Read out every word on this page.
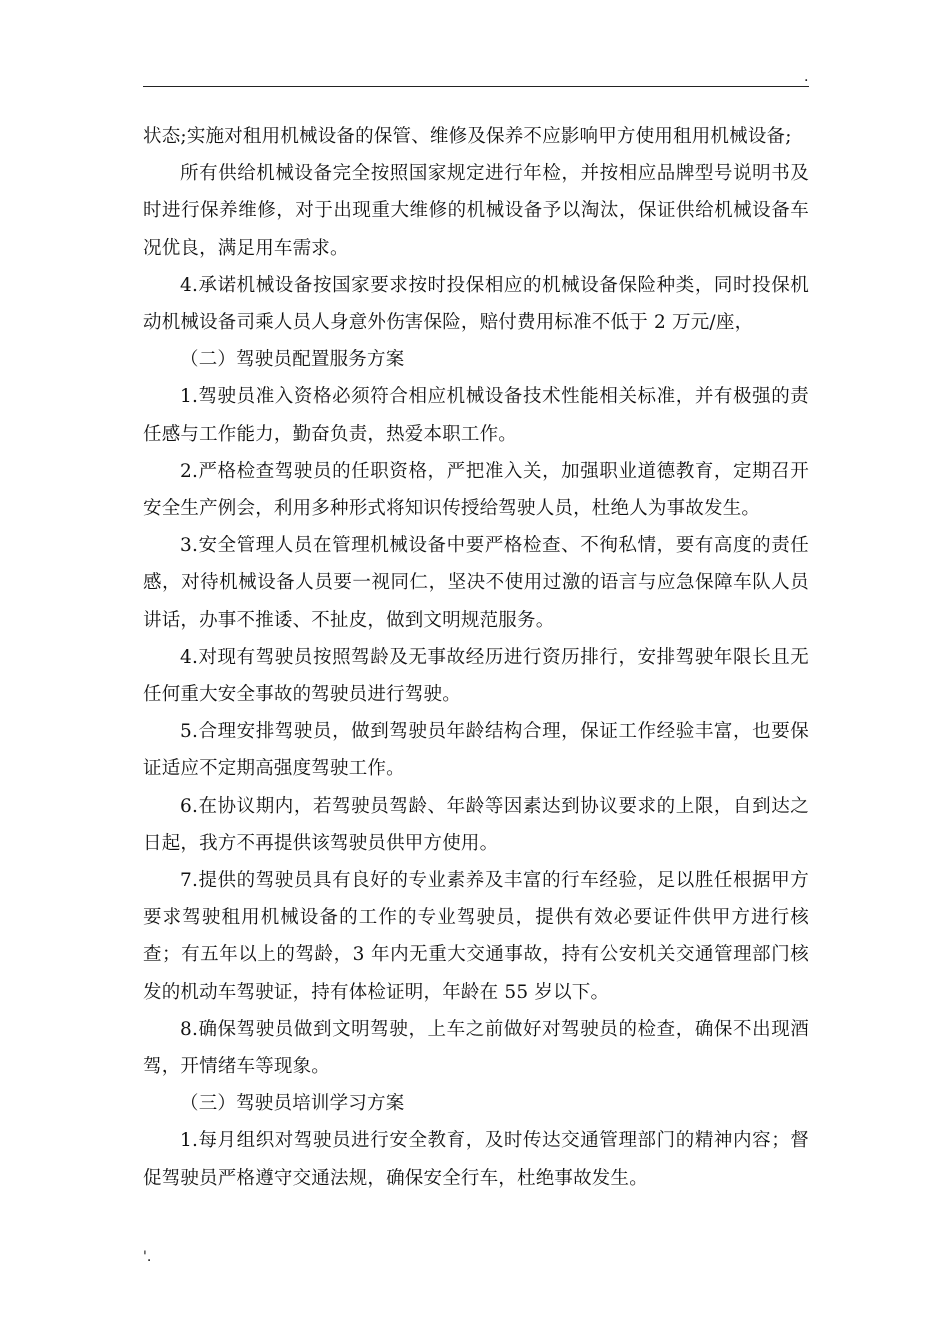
.

状态;实施对租用机械设备的保管、维修及保养不应影响甲方使用租用机械设备;

所有供给机械设备完全按照国家规定进行年检，并按相应品牌型号说明书及时进行保养维修，对于出现重大维修的机械设备予以淘汰，保证供给机械设备车况优良，满足用车需求。

4.承诺机械设备按国家要求按时投保相应的机械设备保险种类，同时投保机动机械设备司乘人员人身意外伤害保险，赔付费用标准不低于 2 万元/座，

（二）驾驶员配置服务方案

1.驾驶员准入资格必须符合相应机械设备技术性能相关标准，并有极强的责任感与工作能力，勤奋负责，热爱本职工作。

2.严格检查驾驶员的任职资格，严把准入关，加强职业道德教育，定期召开安全生产例会，利用多种形式将知识传授给驾驶人员，杜绝人为事故发生。

3.安全管理人员在管理机械设备中要严格检查、不徇私情，要有高度的责任感，对待机械设备人员要一视同仁，坚决不使用过激的语言与应急保障车队人员讲话，办事不推诿、不扯皮，做到文明规范服务。

4.对现有驾驶员按照驾龄及无事故经历进行资历排行，安排驾驶年限长且无任何重大安全事故的驾驶员进行驾驶。

5.合理安排驾驶员，做到驾驶员年龄结构合理，保证工作经验丰富，也要保证适应不定期高强度驾驶工作。

6.在协议期内，若驾驶员驾龄、年龄等因素达到协议要求的上限，自到达之日起，我方不再提供该驾驶员供甲方使用。

7.提供的驾驶员具有良好的专业素养及丰富的行车经验，足以胜任根据甲方要求驾驶租用机械设备的工作的专业驾驶员，提供有效必要证件供甲方进行核查；有五年以上的驾龄，3 年内无重大交通事故，持有公安机关交通管理部门核发的机动车驾驶证，持有体检证明，年龄在 55 岁以下。

8.确保驾驶员做到文明驾驶，上车之前做好对驾驶员的检查，确保不出现酒驾，开情绪车等现象。

（三）驾驶员培训学习方案

1.每月组织对驾驶员进行安全教育，及时传达交通管理部门的精神内容；督促驾驶员严格遵守交通法规，确保安全行车，杜绝事故发生。

'.
